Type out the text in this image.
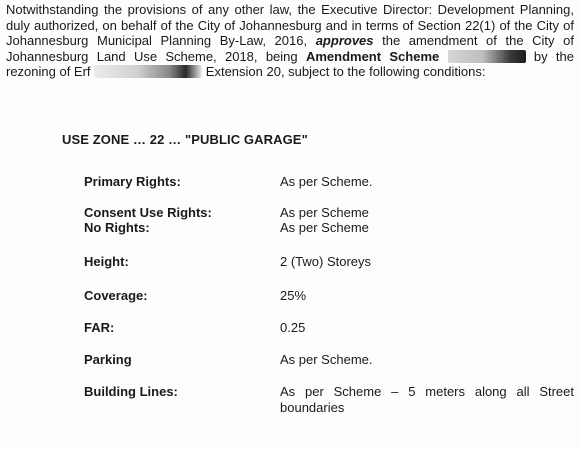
Notwithstanding the provisions of any other law, the Executive Director: Development Planning, duly authorized, on behalf of the City of Johannesburg and in terms of Section 22(1) of the City of Johannesburg Municipal Planning By-Law, 2016, approves the amendment of the City of Johannesburg Land Use Scheme, 2018, being Amendment Scheme	by the rezoning of Erf	Extension 20, subject to the following conditions:

USE ZONE … 22 … "PUBLIC GARAGE"
Primary Rights:	As per Scheme.
Consent Use Rights:	As per Scheme
No Rights:	As per Scheme
Height:	2 (Two) Storeys
Coverage:	25%
FAR:	0.25
Parking	As per Scheme.
Building Lines:	As per Scheme – 5 meters along all Street boundaries
